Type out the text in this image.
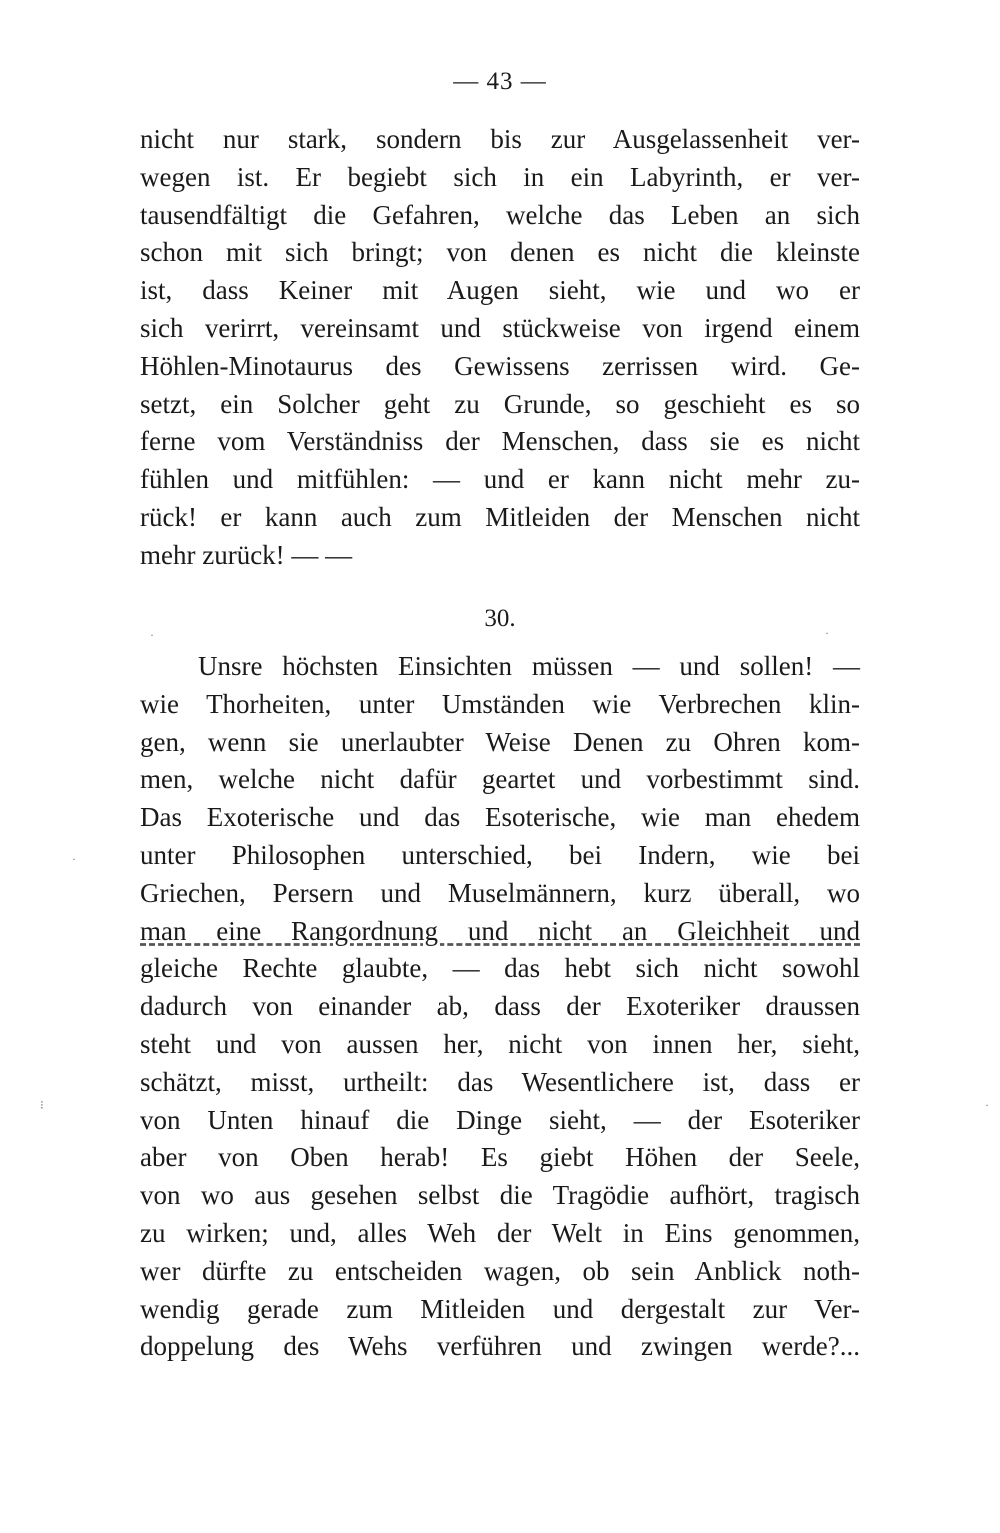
— 43 —
nicht nur stark, sondern bis zur Ausgelassenheit ver-
wegen ist. Er begiebt sich in ein Labyrinth, er ver-
tausendfältigt die Gefahren, welche das Leben an sich
schon mit sich bringt; von denen es nicht die kleinste
ist, dass Keiner mit Augen sieht, wie und wo er
sich verirrt, vereinsamt und stückweise von irgend einem
Höhlen-Minotaurus des Gewissens zerrissen wird. Ge-
setzt, ein Solcher geht zu Grunde, so geschieht es so
ferne vom Verständniss der Menschen, dass sie es nicht
fühlen und mitfühlen: — und er kann nicht mehr zu-
rück! er kann auch zum Mitleiden der Menschen nicht
mehr zurück! — —
30.
Unsre höchsten Einsichten müssen — und sollen! —
wie Thorheiten, unter Umständen wie Verbrechen klin-
gen, wenn sie unerlaubter Weise Denen zu Ohren kom-
men, welche nicht dafür geartet und vorbestimmt sind.
Das Exoterische und das Esoterische, wie man ehedem
unter Philosophen unterschied, bei Indern, wie bei
Griechen, Persern und Muselmännern, kurz überall, wo
man eine Rangordnung und nicht an Gleichheit und
gleiche Rechte glaubte, — das hebt sich nicht sowohl
dadurch von einander ab, dass der Exoteriker draussen
steht und von aussen her, nicht von innen her, sieht,
schätzt, misst, urtheilt: das Wesentlichere ist, dass er
von Unten hinauf die Dinge sieht, — der Esoteriker
aber von Oben herab! Es giebt Höhen der Seele,
von wo aus gesehen selbst die Tragödie aufhört, tragisch
zu wirken; und, alles Weh der Welt in Eins genommen,
wer dürfte zu entscheiden wagen, ob sein Anblick noth-
wendig gerade zum Mitleiden und dergestalt zur Ver-
doppelung des Wehs verführen und zwingen werde?...
·	·
·
⁝	·
